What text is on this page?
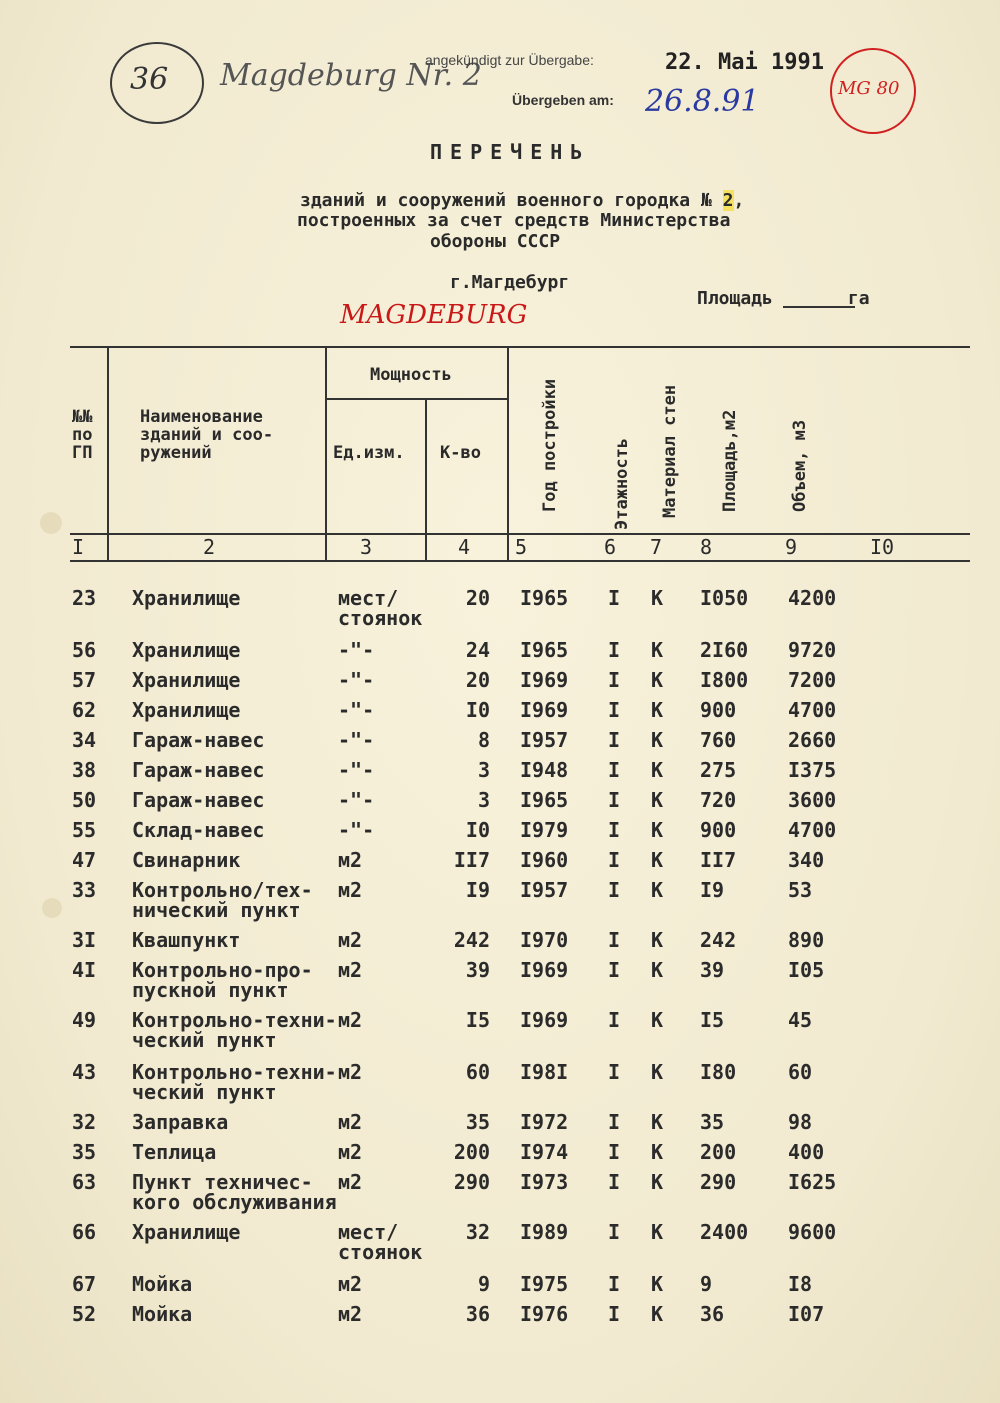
36 Magdeburg Nr. 2
angekündigt zur Übergabe:	22. Mai 1991
Übergeben am: 26.8.91	MG 80
ПЕРЕЧЕНЬ
зданий и сооружений военного городка № 2,
построенных за счет средств Министерства
обороны СССР
г.Магдебург
MAGDEBURG
Площадь	га
№№
по
ГП
Наименование
зданий и соо-
ружений
Мощность
Ед.изм. К-во	Год постройки	Этажность Материал стен Площадь,м2	Объем, м3
I	2	3	4 5	6 7 8	9	I0
23 Хранилище	мест/
стоянок
20 I965 I К I050 4200
56 Хранилище	-"-	24 I965 I К 2I60 9720
57 Хранилище	-"-	20 I969 I К I800 7200
62 Хранилище	-"-	I0 I969 I К 900	4700
34 Гараж-навес	-"-	8 I957 I К 760	2660
38 Гараж-навес	-"-	3 I948 I К 275	I375
50 Гараж-навес	-"-	3 I965 I К 720	3600
55 Склад-навес	-"-	I0 I979 I К 900	4700
47 Свинарник	м2	II7 I960 I К II7	340
33 Контрольно/тех-
нический пункт
м2	I9 I957 I К I9	53
3I Квашпункт	м2	242 I970 I К 242	890
4I Контрольно-про-
пускной пункт
м2	39 I969 I К 39	I05
49 Контрольно-техни-
ческий пункт
м2	I5 I969 I К I5	45
43 Контрольно-техни-
ческий пункт
м2	60 I98I I К I80	60
32 Заправка	м2	35 I972 I К 35	98
35 Теплица	м2	200 I974 I К 200	400
63 Пункт техничес-
кого обслуживания
м2	290 I973 I К 290	I625
66 Хранилище	мест/
стоянок
32 I989 I К 2400 9600
67 Мойка	м2	9 I975 I К 9	I8
52 Мойка	м2	36 I976 I К 36	I07
